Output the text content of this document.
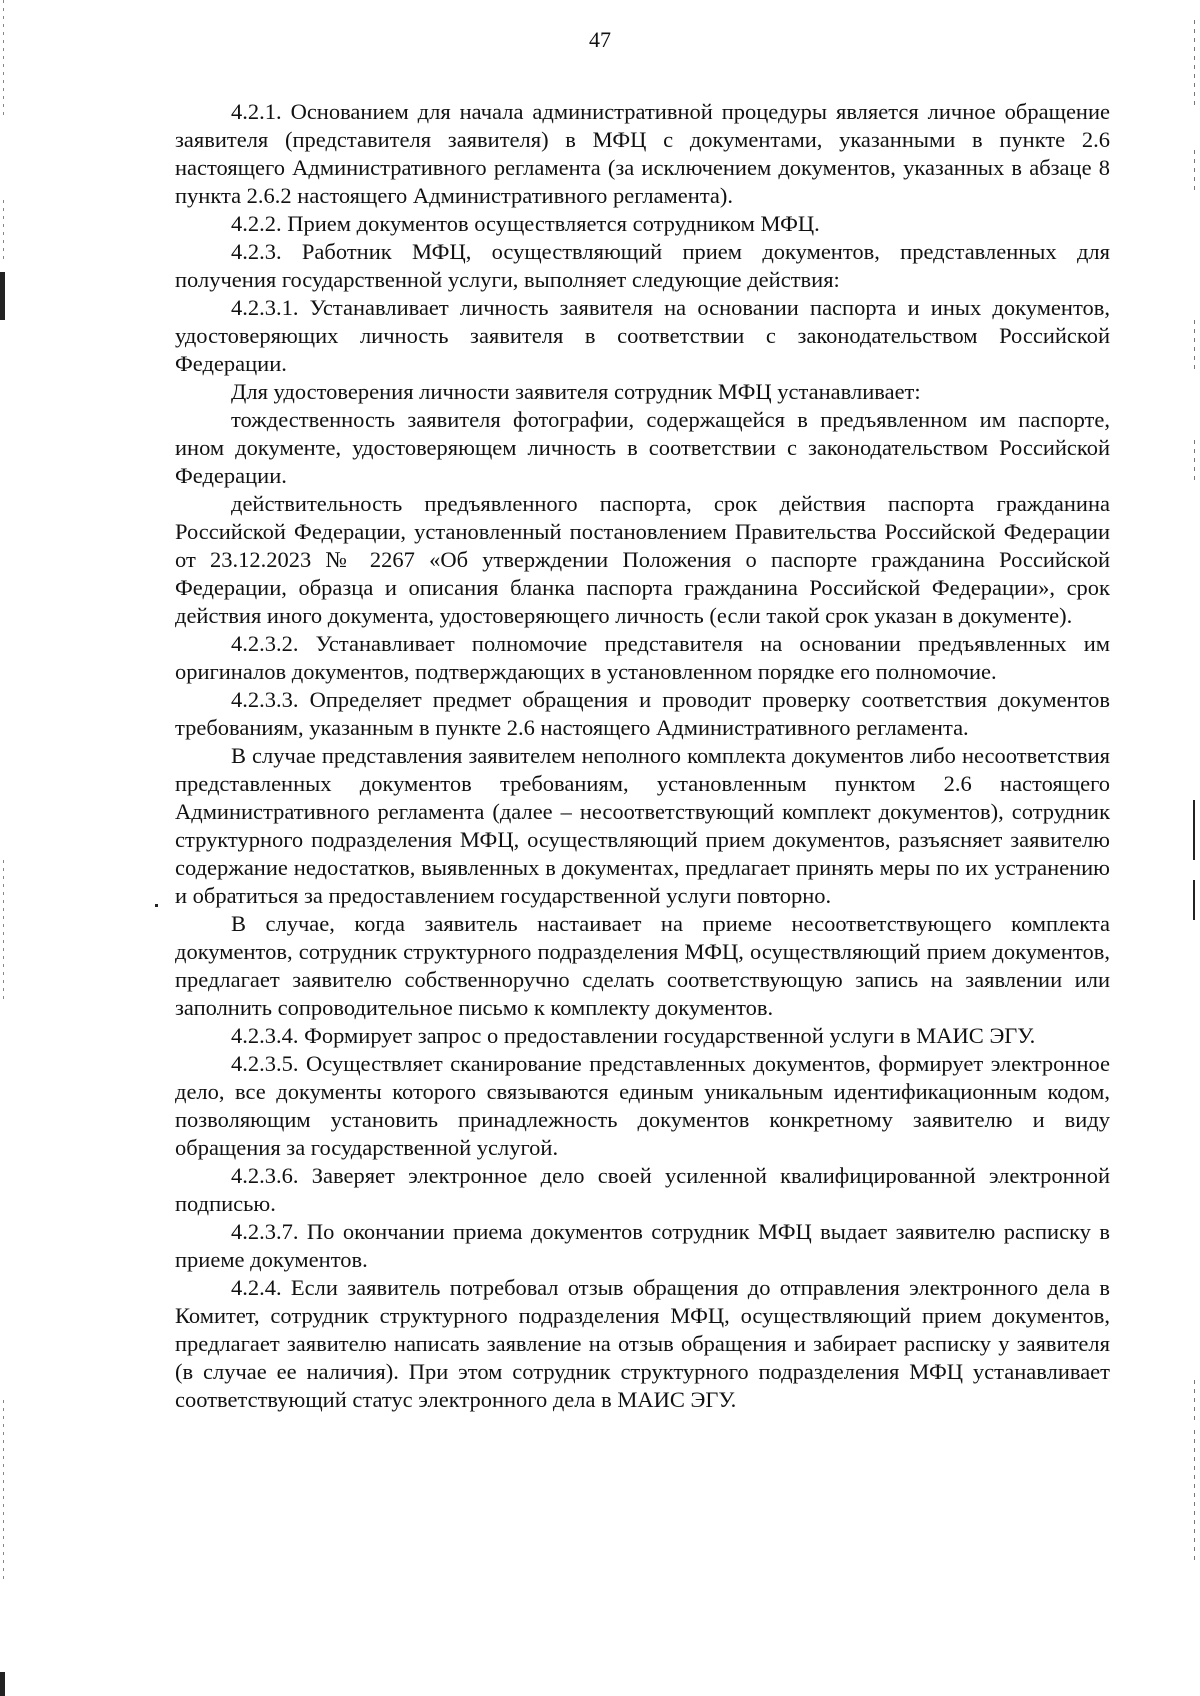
47

4.2.1. Основанием для начала административной процедуры является личное обращение заявителя (представителя заявителя) в МФЦ с документами, указанными в пункте 2.6 настоящего Административного регламента (за исключением документов, указанных в абзаце 8 пункта 2.6.2 настоящего Административного регламента).

4.2.2. Прием документов осуществляется сотрудником МФЦ.

4.2.3. Работник МФЦ, осуществляющий прием документов, представленных для получения государственной услуги, выполняет следующие действия:

4.2.3.1. Устанавливает личность заявителя на основании паспорта и иных документов, удостоверяющих личность заявителя в соответствии с законодательством Российской Федерации.

Для удостоверения личности заявителя сотрудник МФЦ устанавливает:

тождественность заявителя фотографии, содержащейся в предъявленном им паспорте, ином документе, удостоверяющем личность в соответствии с законодательством Российской Федерации.

действительность предъявленного паспорта, срок действия паспорта гражданина Российской Федерации, установленный постановлением Правительства Российской Федерации от 23.12.2023 № 2267 «Об утверждении Положения о паспорте гражданина Российской Федерации, образца и описания бланка паспорта гражданина Российской Федерации», срок действия иного документа, удостоверяющего личность (если такой срок указан в документе).

4.2.3.2. Устанавливает полномочие представителя на основании предъявленных им оригиналов документов, подтверждающих в установленном порядке его полномочие.

4.2.3.3. Определяет предмет обращения и проводит проверку соответствия документов требованиям, указанным в пункте 2.6 настоящего Административного регламента.

В случае представления заявителем неполного комплекта документов либо несоответствия представленных документов требованиям, установленным пунктом 2.6 настоящего Административного регламента (далее – несоответствующий комплект документов), сотрудник структурного подразделения МФЦ, осуществляющий прием документов, разъясняет заявителю содержание недостатков, выявленных в документах, предлагает принять меры по их устранению и обратиться за предоставлением государственной услуги повторно.

В случае, когда заявитель настаивает на приеме несоответствующего комплекта документов, сотрудник структурного подразделения МФЦ, осуществляющий прием документов, предлагает заявителю собственноручно сделать соответствующую запись на заявлении или заполнить сопроводительное письмо к комплекту документов.

4.2.3.4. Формирует запрос о предоставлении государственной услуги в МАИС ЭГУ.

4.2.3.5. Осуществляет сканирование представленных документов, формирует электронное дело, все документы которого связываются единым уникальным идентификационным кодом, позволяющим установить принадлежность документов конкретному заявителю и виду обращения за государственной услугой.

4.2.3.6. Заверяет электронное дело своей усиленной квалифицированной электронной подписью.

4.2.3.7. По окончании приема документов сотрудник МФЦ выдает заявителю расписку в приеме документов.

4.2.4. Если заявитель потребовал отзыв обращения до отправления электронного дела в Комитет, сотрудник структурного подразделения МФЦ, осуществляющий прием документов, предлагает заявителю написать заявление на отзыв обращения и забирает расписку у заявителя (в случае ее наличия). При этом сотрудник структурного подразделения МФЦ устанавливает соответствующий статус электронного дела в МАИС ЭГУ.
